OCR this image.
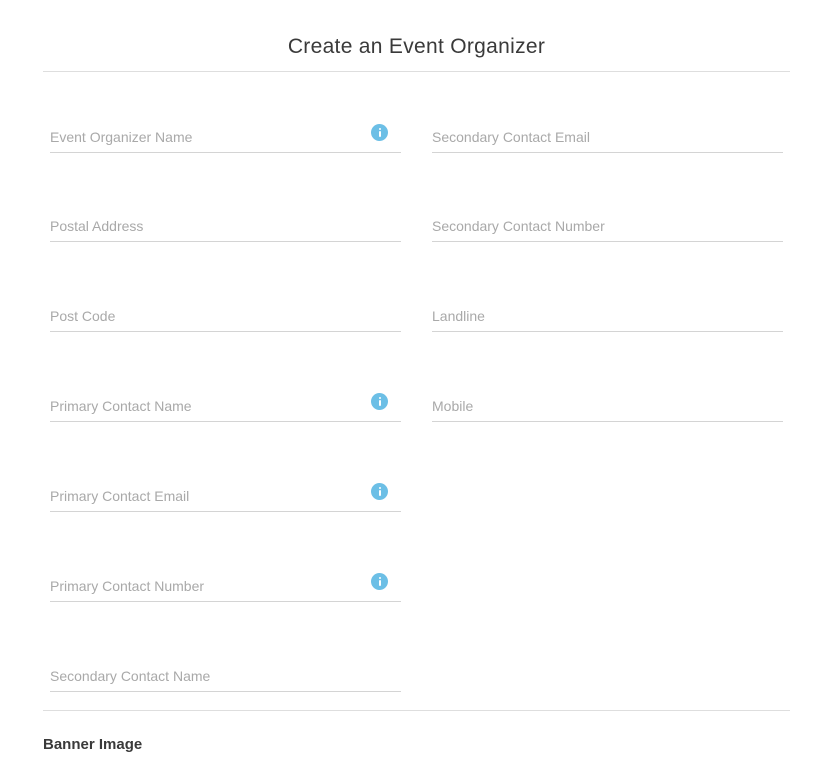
Create an Event Organizer
Event Organizer Name
Postal Address
Post Code
Primary Contact Name
Primary Contact Email
Primary Contact Number
Secondary Contact Name
Secondary Contact Email
Secondary Contact Number
Landline
Mobile
Banner Image
